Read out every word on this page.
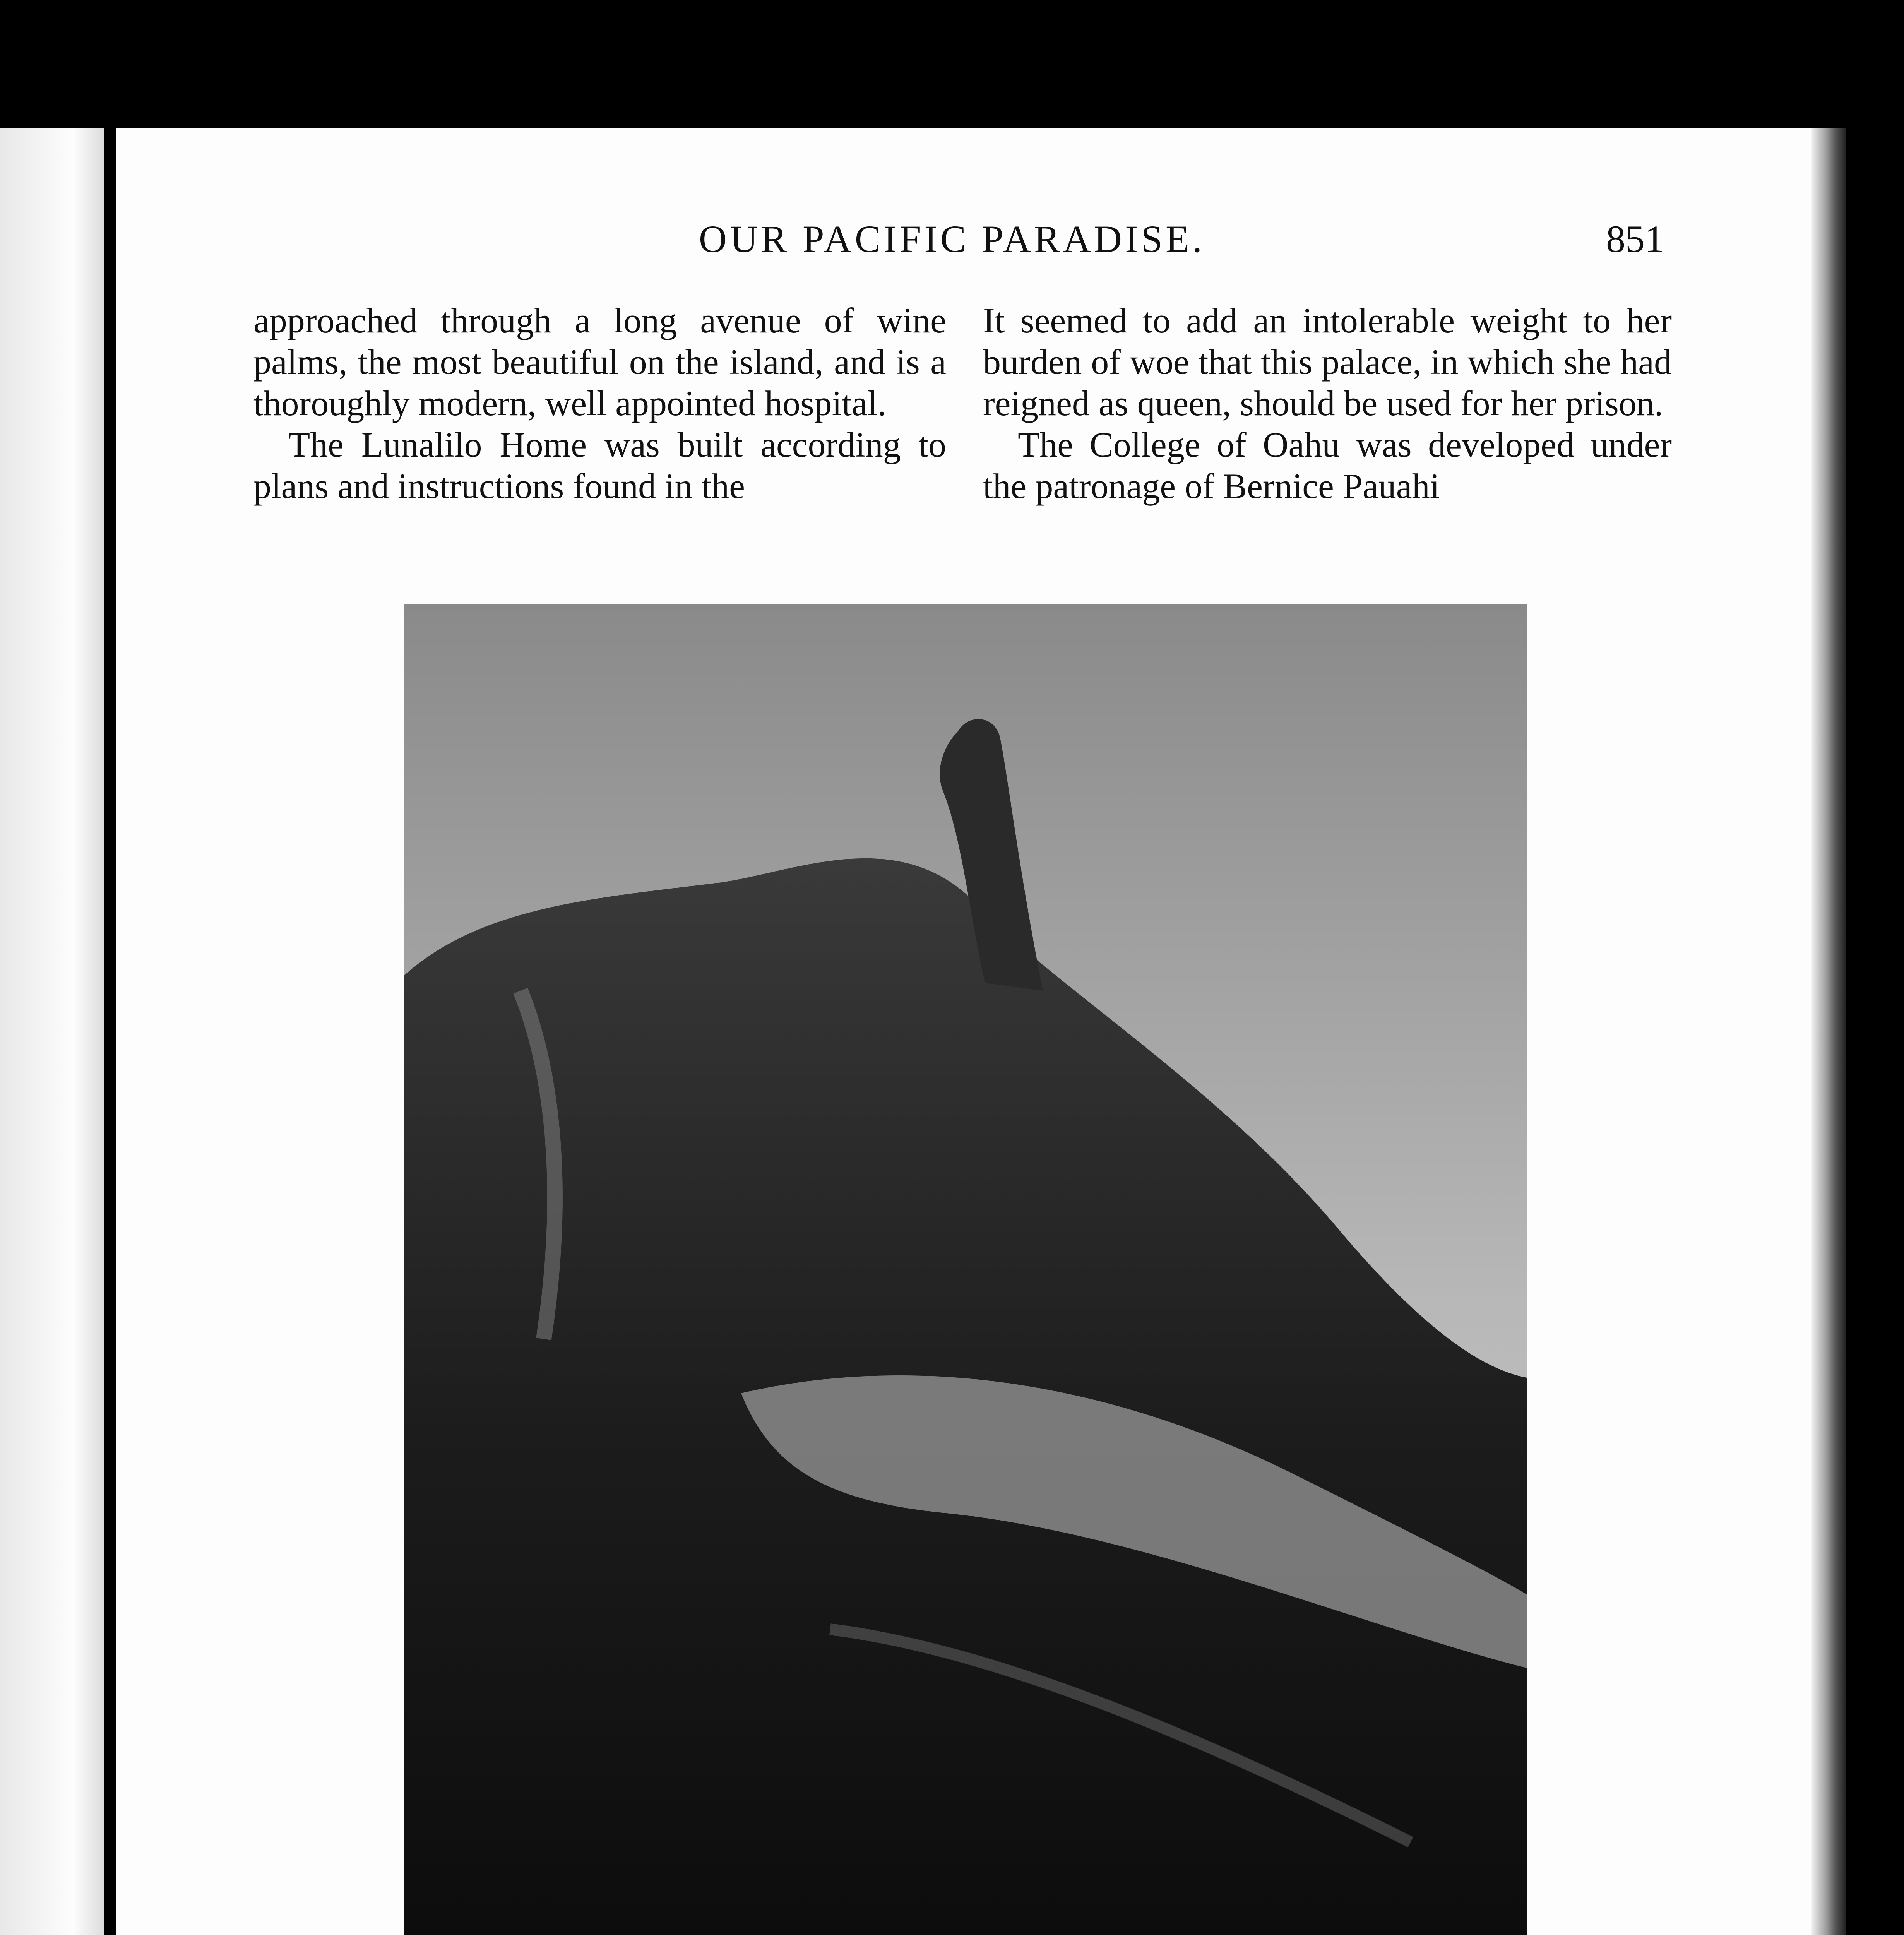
OUR PACIFIC PARADISE.	851

approached through a long avenue of wine palms, the most beautiful on the island, and is a thoroughly modern, well appointed hospital.

The Lunalilo Home was built according to plans and instructions found in the

It seemed to add an intolerable weight to her burden of woe that this palace, in which she had reigned as queen, should be used for her prison.

The College of Oahu was developed under the patronage of Bernice Pauahi
